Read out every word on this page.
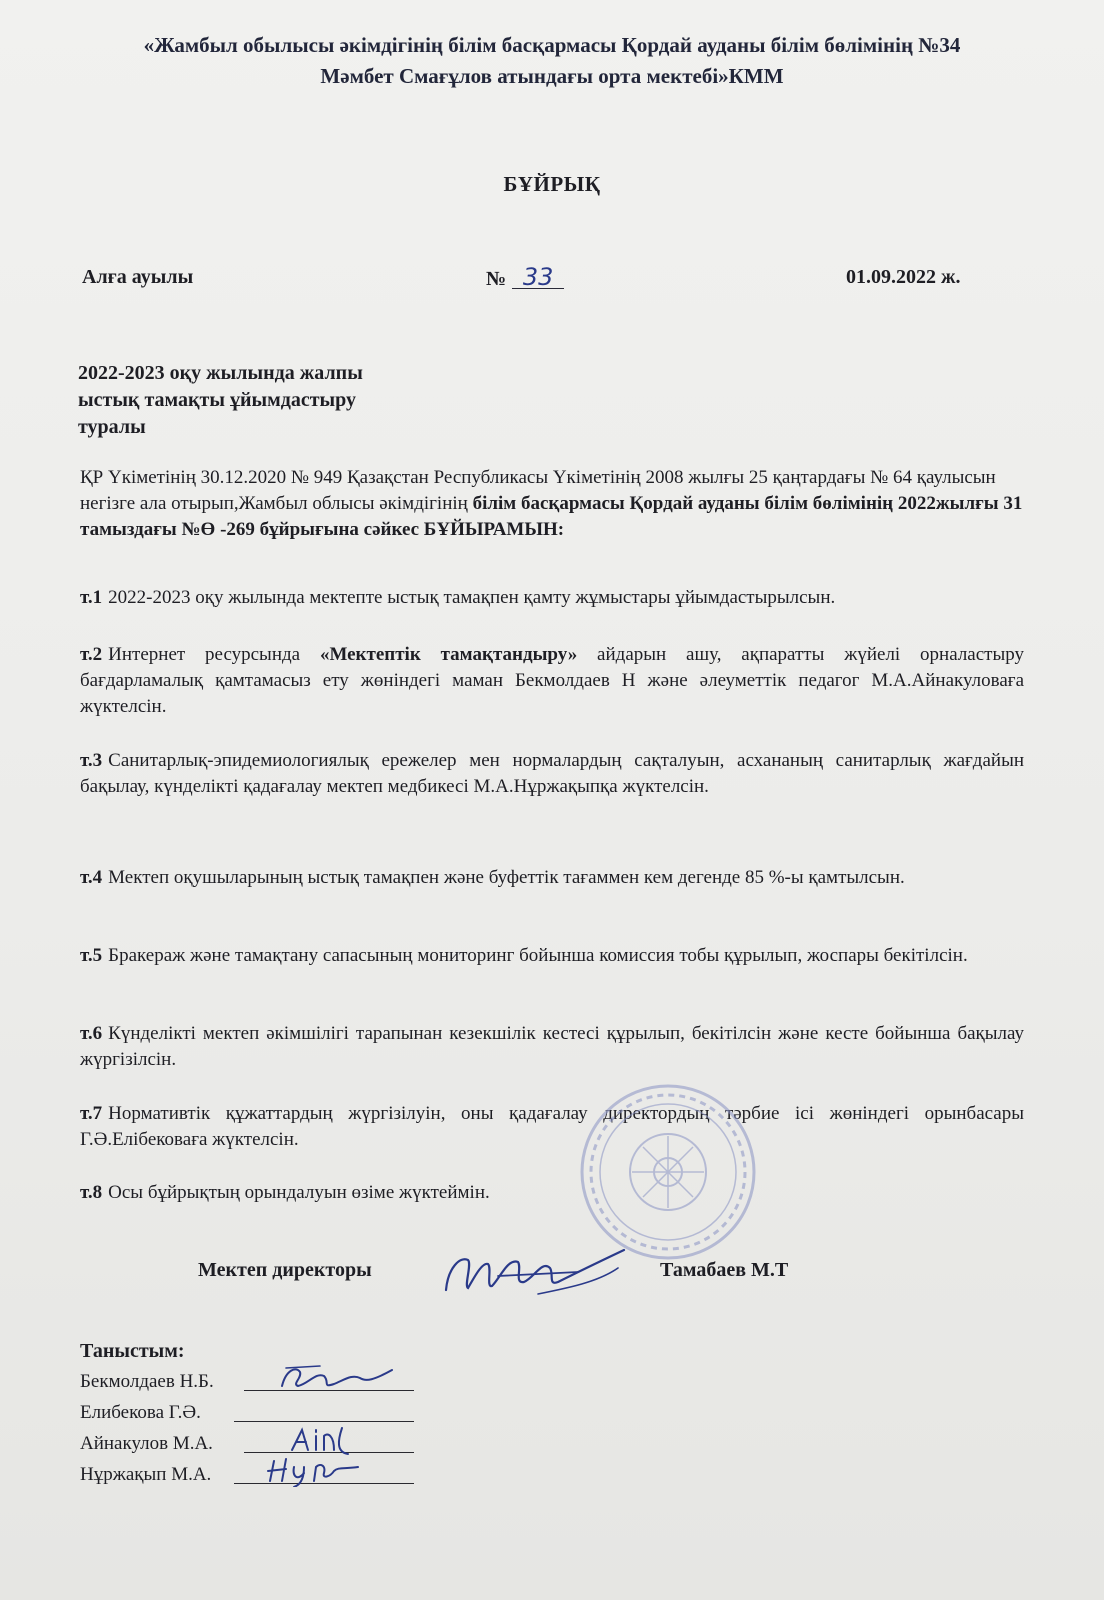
«Жамбыл обылысы әкімдігінің білім басқармасы Қордай ауданы білім бөлімінің №34
Мәмбет Смағұлов атындағы орта мектебі»КММ
БҰЙРЫҚ
Алға ауылы	№ 33	01.09.2022 ж.
2022-2023 оқу жылында жалпы
ыстық тамақты ұйымдастыру
туралы
ҚР Үкіметінің 30.12.2020 № 949 Қазақстан Республикасы Үкіметінің 2008 жылғы 25 қаңтардағы № 64 қаулысын негізге ала отырып,Жамбыл облысы әкімдігінің білім басқармасы Қордай ауданы білім бөлімінің 2022жылғы 31 тамыздағы №Ө -269 бұйрығына сәйкес БҰЙЫРАМЫН:
т.1 2022-2023 оқу жылында мектепте ыстық тамақпен қамту жұмыстары ұйымдастырылсын.
т.2 Интернет ресурсында «Мектептік тамақтандыру» айдарын ашу, ақпаратты жүйелі орналастыру бағдарламалық қамтамасыз ету жөніндегі маман Бекмолдаев Н және әлеуметтік педагог М.А.Айнакуловаға жүктелсін.
т.3 Санитарлық-эпидемиологиялық ережелер мен нормалардың сақталуын, асхананың санитарлық жағдайын бақылау, күнделікті қадағалау мектеп медбикесі М.А.Нұржақыпқа жүктелсін.
т.4 Мектеп оқушыларының ыстық тамақпен және буфеттік тағаммен кем дегенде 85 %-ы қамтылсын.
т.5 Бракераж және тамақтану сапасының мониторинг бойынша комиссия тобы құрылып, жоспары бекітілсін.
т.6 Күнделікті мектеп әкімшілігі тарапынан кезекшілік кестесі құрылып, бекітілсін және кесте бойынша бақылау жүргізілсін.
т.7 Нормативтік құжаттардың жүргізілуін, оны қадағалау директордың тәрбие ісі жөніндегі орынбасары Г.Ә.Елібековаға жүктелсін.
т.8 Осы бұйрықтың орындалуын өзіме жүктеймін.
Мектеп директоры	Тамабаев М.Т
Таныстым:
Бекмолдаев Н.Б.
Елибекова Г.Ә.
Айнакулов М.А.
Нұржақып М.А.
